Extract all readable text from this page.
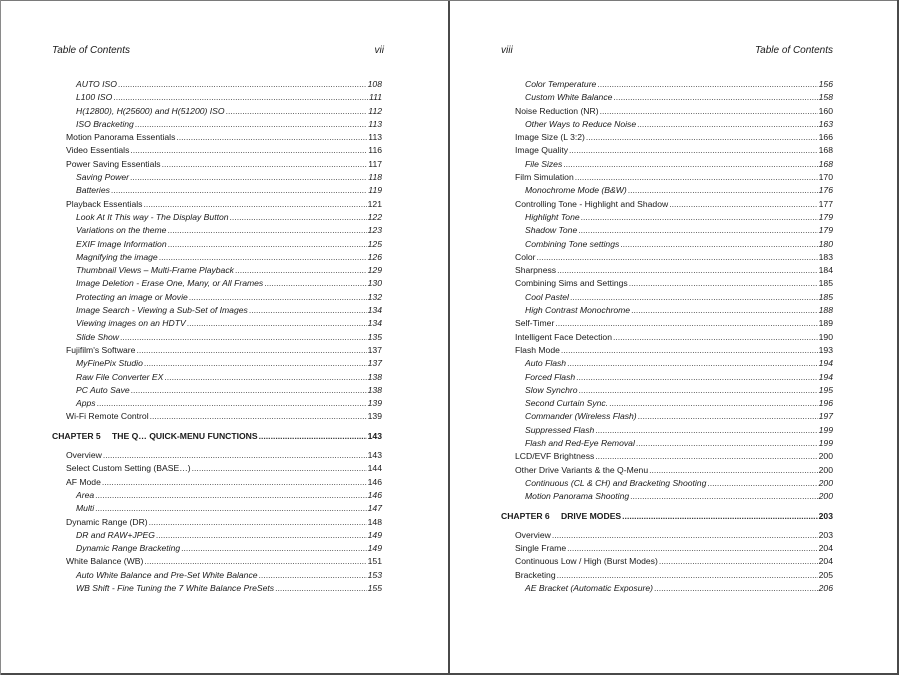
Table of Contents	vii
AUTO ISO .....	108
L100 ISO .....	111
H(12800), H(25600) and H(51200) ISO .....	112
ISO Bracketing .....	113
Motion Panorama Essentials .....	113
Video Essentials .....	116
Power Saving Essentials .....	117
Saving Power .....	118
Batteries .....	119
Playback Essentials .....	121
Look At It This way - The Display Button .....	122
Variations on the theme .....	123
EXIF Image Information .....	125
Magnifying the image .....	126
Thumbnail Views – Multi-Frame Playback .....	129
Image Deletion - Erase One, Many, or All Frames .....	130
Protecting an image or Movie .....	132
Image Search - Viewing a Sub-Set of Images .....	134
Viewing images on an HDTV .....	134
Slide Show .....	135
Fujifilm's Software .....	137
MyFinePix Studio .....	137
Raw File Converter EX .....	138
PC Auto Save .....	138
Apps .....	139
Wi-Fi Remote Control .....	139
CHAPTER 5 THE Q… QUICK-MENU FUNCTIONS .....	143
Overview .....	143
Select Custom Setting (BASE…) .....	144
AF Mode .....	146
Area .....	146
Multi .....	147
Dynamic Range (DR) .....	148
DR and RAW+JPEG .....	149
Dynamic Range Bracketing .....	149
White Balance (WB) .....	151
Auto White Balance and Pre-Set White Balance .....	153
WB Shift - Fine Tuning the 7 White Balance PreSets .....	155
viii	Table of Contents
Color Temperature .....	156
Custom White Balance .....	158
Noise Reduction (NR) .....	160
Other Ways to Reduce Noise .....	163
Image Size (L 3:2) .....	166
Image Quality .....	168
File Sizes .....	168
Film Simulation .....	170
Monochrome Mode (B&W) .....	176
Controlling Tone - Highlight and Shadow .....	177
Highlight Tone .....	179
Shadow Tone .....	179
Combining Tone settings .....	180
Color .....	183
Sharpness .....	184
Combining Sims and Settings .....	185
Cool Pastel .....	185
High Contrast Monochrome .....	188
Self-Timer .....	189
Intelligent Face Detection .....	190
Flash Mode .....	193
Auto Flash .....	194
Forced Flash .....	194
Slow Synchro .....	195
Second Curtain Sync. .....	196
Commander (Wireless Flash) .....	197
Suppressed Flash .....	199
Flash and Red-Eye Removal .....	199
LCD/EVF Brightness .....	200
Other Drive Variants & the Q-Menu .....	200
Continuous (CL & CH) and Bracketing Shooting .....	200
Motion Panorama Shooting .....	200
CHAPTER 6 DRIVE MODES .....	203
Overview .....	203
Single Frame .....	204
Continuous Low / High (Burst Modes) .....	204
Bracketing .....	205
AE Bracket (Automatic Exposure) .....	206
